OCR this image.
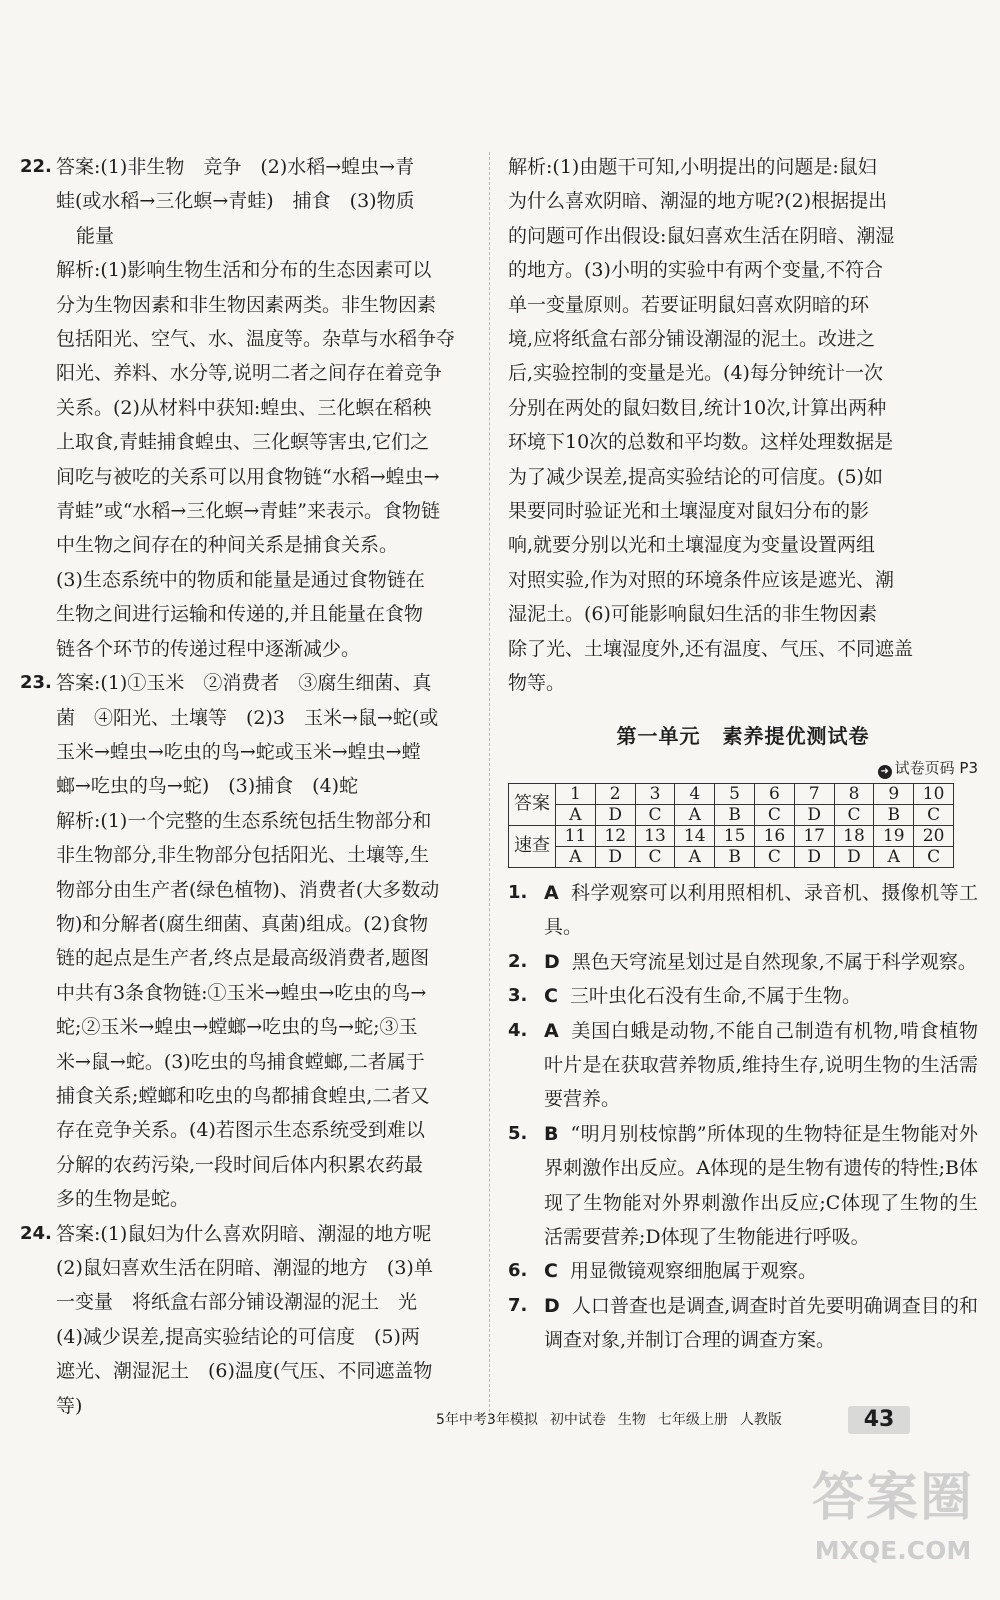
22. 答案:(1)非生物　竞争　(2)水稻→蝗虫→青
蛙(或水稻→三化螟→青蛙)　捕食　(3)物质
能量
解析:(1)影响生物生活和分布的生态因素可以
分为生物因素和非生物因素两类。非生物因素
包括阳光、空气、水、温度等。杂草与水稻争夺
阳光、养料、水分等,说明二者之间存在着竞争
关系。(2)从材料中获知:蝗虫、三化螟在稻秧
上取食,青蛙捕食蝗虫、三化螟等害虫,它们之
间吃与被吃的关系可以用食物链“水稻→蝗虫→
青蛙”或“水稻→三化螟→青蛙”来表示。食物链
中生物之间存在的种间关系是捕食关系。
(3)生态系统中的物质和能量是通过食物链在
生物之间进行运输和传递的,并且能量在食物
链各个环节的传递过程中逐渐减少。
23. 答案:(1)①玉米　②消费者　③腐生细菌、真
菌　④阳光、土壤等　(2)3　玉米→鼠→蛇(或
玉米→蝗虫→吃虫的鸟→蛇或玉米→蝗虫→螳
螂→吃虫的鸟→蛇)　(3)捕食　(4)蛇
解析:(1)一个完整的生态系统包括生物部分和
非生物部分,非生物部分包括阳光、土壤等,生
物部分由生产者(绿色植物)、消费者(大多数动
物)和分解者(腐生细菌、真菌)组成。(2)食物
链的起点是生产者,终点是最高级消费者,题图
中共有3条食物链:①玉米→蝗虫→吃虫的鸟→
蛇;②玉米→蝗虫→螳螂→吃虫的鸟→蛇;③玉
米→鼠→蛇。(3)吃虫的鸟捕食螳螂,二者属于
捕食关系;螳螂和吃虫的鸟都捕食蝗虫,二者又
存在竞争关系。(4)若图示生态系统受到难以
分解的农药污染,一段时间后体内积累农药最
多的生物是蛇。
24. 答案:(1)鼠妇为什么喜欢阴暗、潮湿的地方呢
(2)鼠妇喜欢生活在阴暗、潮湿的地方　(3)单
一变量　将纸盒右部分铺设潮湿的泥土　光
(4)减少误差,提高实验结论的可信度　(5)两
遮光、潮湿泥土　(6)温度(气压、不同遮盖物
等)
解析:(1)由题干可知,小明提出的问题是:鼠妇
为什么喜欢阴暗、潮湿的地方呢?(2)根据提出
的问题可作出假设:鼠妇喜欢生活在阴暗、潮湿
的地方。(3)小明的实验中有两个变量,不符合
单一变量原则。若要证明鼠妇喜欢阴暗的环
境,应将纸盒右部分铺设潮湿的泥土。改进之
后,实验控制的变量是光。(4)每分钟统计一次
分别在两处的鼠妇数目,统计10次,计算出两种
环境下10次的总数和平均数。这样处理数据是
为了减少误差,提高实验结论的可信度。(5)如
果要同时验证光和土壤湿度对鼠妇分布的影
响,就要分别以光和土壤湿度为变量设置两组
对照实验,作为对照的环境条件应该是遮光、潮
湿泥土。(6)可能影响鼠妇生活的非生物因素
除了光、土壤湿度外,还有温度、气压、不同遮盖
物等。
第一单元 素养提优测试卷
➜ 试卷页码 P3
答案	1	2	3	4	5	6	7	8	9	10
	A	D	C	A	B	C	D	C	B	C
速查	11	12	13	14	15	16	17	18	19	20
	A	D	C	A	B	C	D	D	A	C
1. A 科学观察可以利用照相机、录音机、摄像机等工具。
2. D 黑色天穹流星划过是自然现象,不属于科学观察。
3. C 三叶虫化石没有生命,不属于生物。
4. A 美国白蛾是动物,不能自己制造有机物,啃食植物叶片是在获取营养物质,维持生存,说明生物的生活需要营养。
5. B “明月别枝惊鹊”所体现的生物特征是生物能对外界刺激作出反应。A体现的是生物有遗传的特性;B体现了生物能对外界刺激作出反应;C体现了生物的生活需要营养;D体现了生物能进行呼吸。
6. C 用显微镜观察细胞属于观察。
7. D 人口普查也是调查,调查时首先要明确调查目的和调查对象,并制订合理的调查方案。
5年中考3年模拟 初中试卷 生物 七年级上册 人教版	43
答案圈
MXQE.COM
